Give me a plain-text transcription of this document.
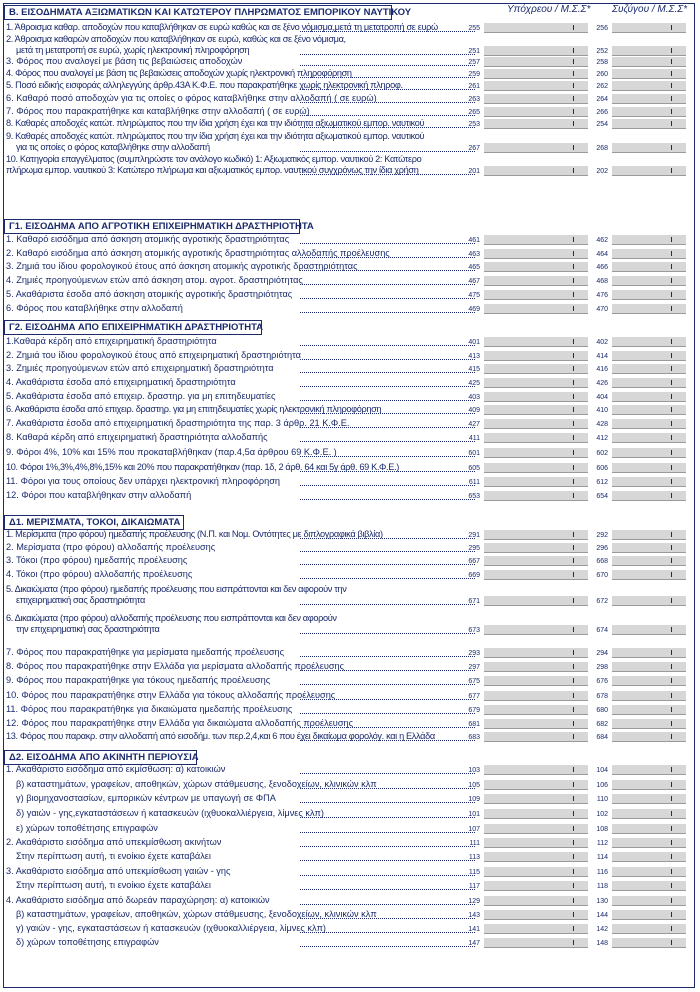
Υπόχρεου / Μ.Σ.Σ* Συζύγου / Μ.Σ.Σ*
Β. ΕΙΣΟΔΗΜΑΤΑ ΑΞΙΩΜΑΤΙΚΩΝ ΚΑΙ ΚΑΤΩΤΕΡΟΥ ΠΛΗΡΩΜΑΤΟΣ ΕΜΠΟΡΙΚΟΥ ΝΑΥΤΙΚΟΥ
1. Άθροισμα καθαρ. αποδοχών που καταβλήθηκαν σε ευρώ καθώς και σε ξένο νόμισμα,μετά τη μετατροπή σε ευρώ	255	256
2. Άθροισμα καθαρών αποδοχών που καταβλήθηκαν σε ευρώ, καθώς και σε ξένο νόμισμα,
μετά τη μετατροπή σε ευρώ, χωρίς ηλεκτρονική πληροφόρηση	251	252
3. Φόρος που αναλογεί με βάση τις βεβαιώσεις αποδοχών	257	258
4. Φόρος που αναλογεί με βάση τις βεβαιώσεις αποδοχών χωρίς ηλεκτρονική πληροφόρηση	259	260
5. Ποσό ειδικής εισφοράς αλληλεγγύης άρθρ.43Α Κ.Φ.Ε. που παρακρατήθηκε χωρίς ηλεκτρονική πληροφ.	261	262
6. Καθαρό ποσό αποδοχών για τις οποίες ο φόρος καταβλήθηκε στην αλλοδαπή ( σε ευρώ)	263	264
7. Φόρος που παρακρατήθηκε και καταβλήθηκε στην αλλοδαπή ( σε ευρώ)	265	266
8. Καθαρές αποδοχές κατώτ. πληρώματος που την ίδια χρήση έχει και την ιδιότητα αξιωματικού εμπορ. ναυτικού	253	254
9. Καθαρές αποδοχές κατώτ. πληρώματος που την ίδια χρήση έχει και την ιδιότητα αξιωματικού εμπορ. ναυτικού
για τις οποίες ο φόρος καταβλήθηκε στην αλλοδαπή	267	268
10. Κατηγορία επαγγέλματος (συμπληρώστε τον ανάλογο κωδικό) 1: Αξιωματικός εμπορ. ναυτικού 2: Κατώτερο
πλήρωμα εμπορ. ναυτικού 3: Κατώτερο πλήρωμα και αξιωματικός εμπορ. ναυτικού συγχρόνως την ίδια χρήση	201	202
Γ1. ΕΙΣΟΔΗΜΑ ΑΠΟ ΑΓΡΟΤΙΚΗ ΕΠΙΧΕΙΡΗΜΑΤΙΚΗ ΔΡΑΣΤΗΡΙΟΤΗΤΑ
1. Καθαρό εισόδημα από άσκηση ατομικής αγροτικής δραστηριότητας	461	462
2. Καθαρό εισόδημα από άσκηση ατομικής αγροτικής δραστηριότητας αλλοδαπής προέλευσης	463	464
3. Ζημιά του ίδιου φορολογικού έτους από άσκηση ατομικής αγροτικής δραστηριότητας	465	466
4. Ζημιές προηγούμενων ετών από άσκηση ατομ. αγροτ. δραστηριότητας	467	468
5. Ακαθάριστα έσοδα από άσκηση ατομικής αγροτικής δραστηριότητας	475	476
6. Φόρος που καταβλήθηκε στην αλλοδαπή	469	470
Γ2. ΕΙΣΟΔΗΜΑ ΑΠΟ ΕΠΙΧΕΙΡΗΜΑΤΙΚΗ ΔΡΑΣΤΗΡΙΟΤΗΤΑ
1.Καθαρά κέρδη από επιχειρηματική δραστηριότητα	401	402
2. Ζημιά του ίδιου φορολογικού έτους από επιχειρηματική δραστηριότητα	413	414
3. Ζημιές προηγούμενων ετών από επιχειρηματική δραστηριότητα	415	416
4. Ακαθάριστα έσοδα από επιχειρηματική δραστηριότητα	425	426
5. Ακαθάριστα έσοδα από επιχειρ. δραστηρ. για μη επιτηδευματίες	403	404
6. Ακαθάριστα έσοδα από επιχειρ. δραστηρ. για μη επιτηδευματίες χωρίς ηλεκτρονική πληροφόρηση	409	410
7. Ακαθάριστα έσοδα από επιχειρηματική δραστηριότητα της παρ. 3 άρθρ. 21 Κ.Φ.Ε.	427	428
8. Καθαρά κέρδη από επιχειρηματική δραστηριότητα αλλοδαπής	411	412
9. Φόροι 4%, 10% και 15% που προκαταβλήθηκαν (παρ.4,5α άρθρου 69 Κ.Φ.Ε. )	601	602
10. Φόροι 1%,3%,4%,8%,15% και 20% που παρακρατήθηκαν (παρ. 1δ, 2 άρθ. 64 και 5γ άρθ. 69 Κ.Φ.Ε.)	605	606
11. Φόροι για τους οποίους δεν υπάρχει ηλεκτρονική πληροφόρηση	611	612
12. Φόροι που καταβλήθηκαν στην αλλοδαπή	653	654
Δ1. ΜΕΡΙΣΜΑΤΑ, ΤΟΚΟΙ, ΔΙΚΑΙΩΜΑΤΑ
1. Μερίσματα (προ φόρου) ημεδαπής προέλευσης (Ν.Π. και Νομ. Οντότητες με διπλογραφικά βιβλία)	291	292
2. Μερίσματα (προ φόρου) αλλοδαπής προέλευσης	295	296
3. Τόκοι (προ φόρου) ημεδαπής προέλευσης	667	668
4. Τόκοι (προ φόρου) αλλοδαπής προέλευσης	669	670
5. Δικαιώματα (προ φόρου) ημεδαπής προέλευσης που εισπράττονται και δεν αφορούν την
επιχειρηματική σας δραστηριότητα	671	672
6. Δικαιώματα (προ φόρου) αλλοδαπής προέλευσης που εισπράττονται και δεν αφορούν
την επιχειρηματική σας δραστηριότητα	673	674
7. Φόρος που παρακρατήθηκε για μερίσματα ημεδαπής προέλευσης	293	294
8. Φόρος που παρακρατήθηκε στην Ελλάδα για μερίσματα αλλοδαπής προέλευσης	297	298
9. Φόρος που παρακρατήθηκε για τόκους ημεδαπής προέλευσης	675	676
10. Φόρος που παρακρατήθηκε στην Ελλάδα για τόκους αλλοδαπής προέλευσης	677	678
11. Φόρος που παρακρατήθηκε για δικαιώματα ημεδαπής προέλευσης	679	680
12. Φόρος που παρακρατήθηκε στην Ελλάδα για δικαιώματα αλλοδαπής προέλευσης	681	682
13. Φόρος που παρακρ. στην αλλοδαπή από εισοδήμ. των περ.2,4,και 6 που έχει δικαίωμα φορολόγ. και η Ελλάδα	683	684
Δ2. ΕΙΣΟΔΗΜΑ ΑΠΟ ΑΚΙΝΗΤΗ ΠΕΡΙΟΥΣΙΑ
1. Ακαθάριστο εισόδημα από εκμίσθωση: α) κατοικιών	103	104
β) καταστημάτων, γραφείων, αποθηκών, χώρων στάθμευσης, ξενοδοχείων, κλινικών κλπ	105	106
γ) βιομηχανοστασίων, εμπορικών κέντρων με υπαγωγή σε ΦΠΑ	109	110
δ) γαιών - γης,εγκαταστάσεων ή κατασκευών (ιχθυοκαλλιέργεια, λίμνες κλπ)	101	102
ε) χώρων τοποθέτησης επιγραφών	107	108
2. Ακαθάριστο εισόδημα από υπεκμίσθωση ακινήτων	111	112
Στην περίπτωση αυτή, τι ενοίκιο έχετε καταβάλει	113	114
3. Ακαθάριστο εισόδημα από υπεκμίσθωση γαιών - γης	115	116
Στην περίπτωση αυτή, τι ενοίκιο έχετε καταβάλει	117	118
4. Ακαθάριστο εισόδημα από δωρεάν παραχώρηση: α) κατοικιών	129	130
β) καταστημάτων, γραφείων, αποθηκών, χώρων στάθμευσης, ξενοδοχείων, κλινικών κλπ	143	144
γ) γαιών - γης, εγκαταστάσεων ή κατασκευών (ιχθυοκαλλιέργεια, λίμνες κλπ)	141	142
δ) χώρων τοποθέτησης επιγραφών	147	148
